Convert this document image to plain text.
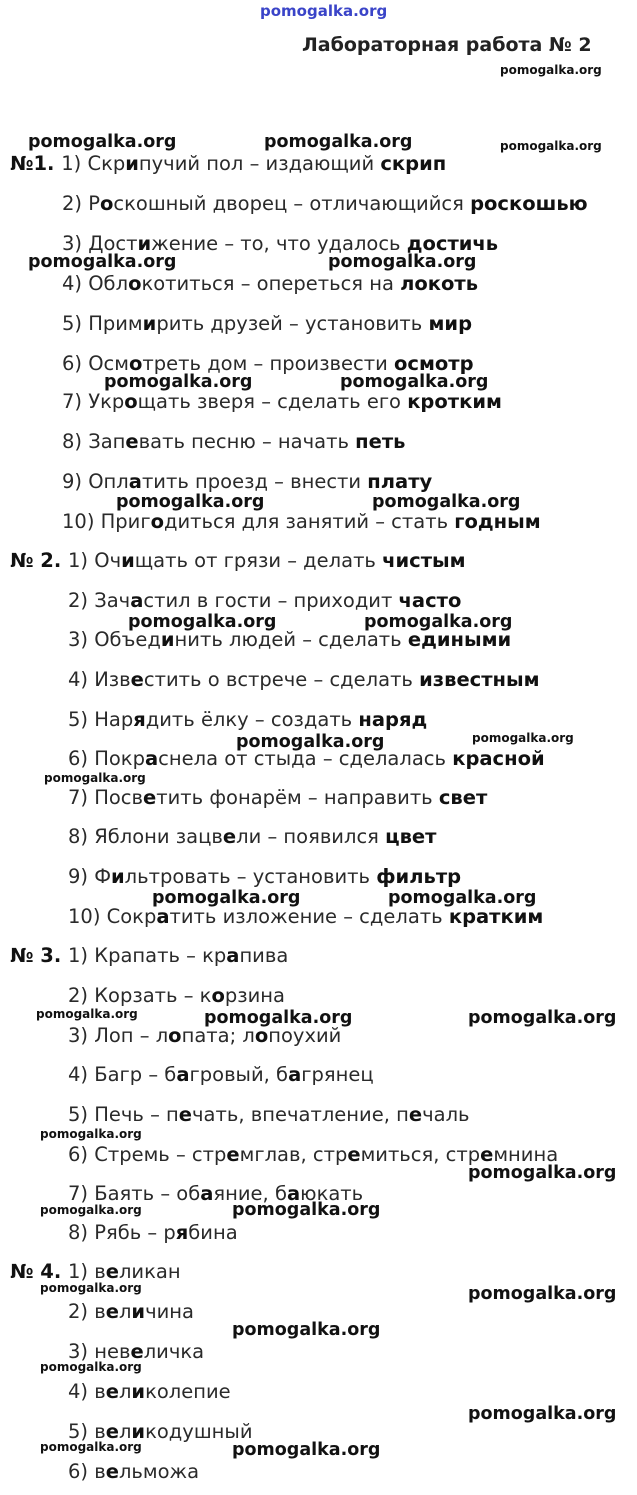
pomogalka.org
Лабораторная работа № 2
№1. 1) Скрипучий пол – издающий скрип
2) Роскошный дворец – отличающийся роскошью
3) Достижение – то, что удалось достичь
4) Облокотиться – опереться на локоть
5) Примирить друзей – установить мир
6) Осмотреть дом – произвести осмотр
7) Укрощать зверя – сделать его кротким
8) Запевать песню – начать петь
9) Оплатить проезд – внести плату
10) Пригодиться для занятий – стать годным
№ 2. 1) Очищать от грязи – делать чистым
2) Зачастил в гости – приходит часто
3) Объединить людей – сделать едиными
4) Известить о встрече – сделать известным
5) Нарядить ёлку – создать наряд
6) Покраснела от стыда – сделалась красной
7) Посветить фонарём – направить свет
8) Яблони зацвели – появился цвет
9) Фильтровать – установить фильтр
10) Сократить изложение – сделать кратким
№ 3. 1) Крапать – крапива
2) Корзать – корзина
3) Лоп – лопата; лопоухий
4) Багр – багровый, багрянец
5) Печь – печать, впечатление, печаль
6) Стремь – стремглав, стремиться, стремнина
7) Баять – обаяние, баюкать
8) Рябь – рябина
№ 4. 1) великан
2) величина
3) невеличка
4) великолепие
5) великодушный
6) вельможа
pomogalka.org
pomogalka.org	pomogalka.org	pomogalka.org
pomogalka.org	pomogalka.org
pomogalka.org	pomogalka.org
pomogalka.org	pomogalka.org
pomogalka.org	pomogalka.org
pomogalka.org	pomogalka.org
pomogalka.org
pomogalka.org	pomogalka.org
pomogalka.org	pomogalka.org	pomogalka.org
pomogalka.org
pomogalka.org
pomogalka.org	pomogalka.org
pomogalka.org	pomogalka.org
pomogalka.org
pomogalka.org
pomogalka.org
pomogalka.org	pomogalka.org
